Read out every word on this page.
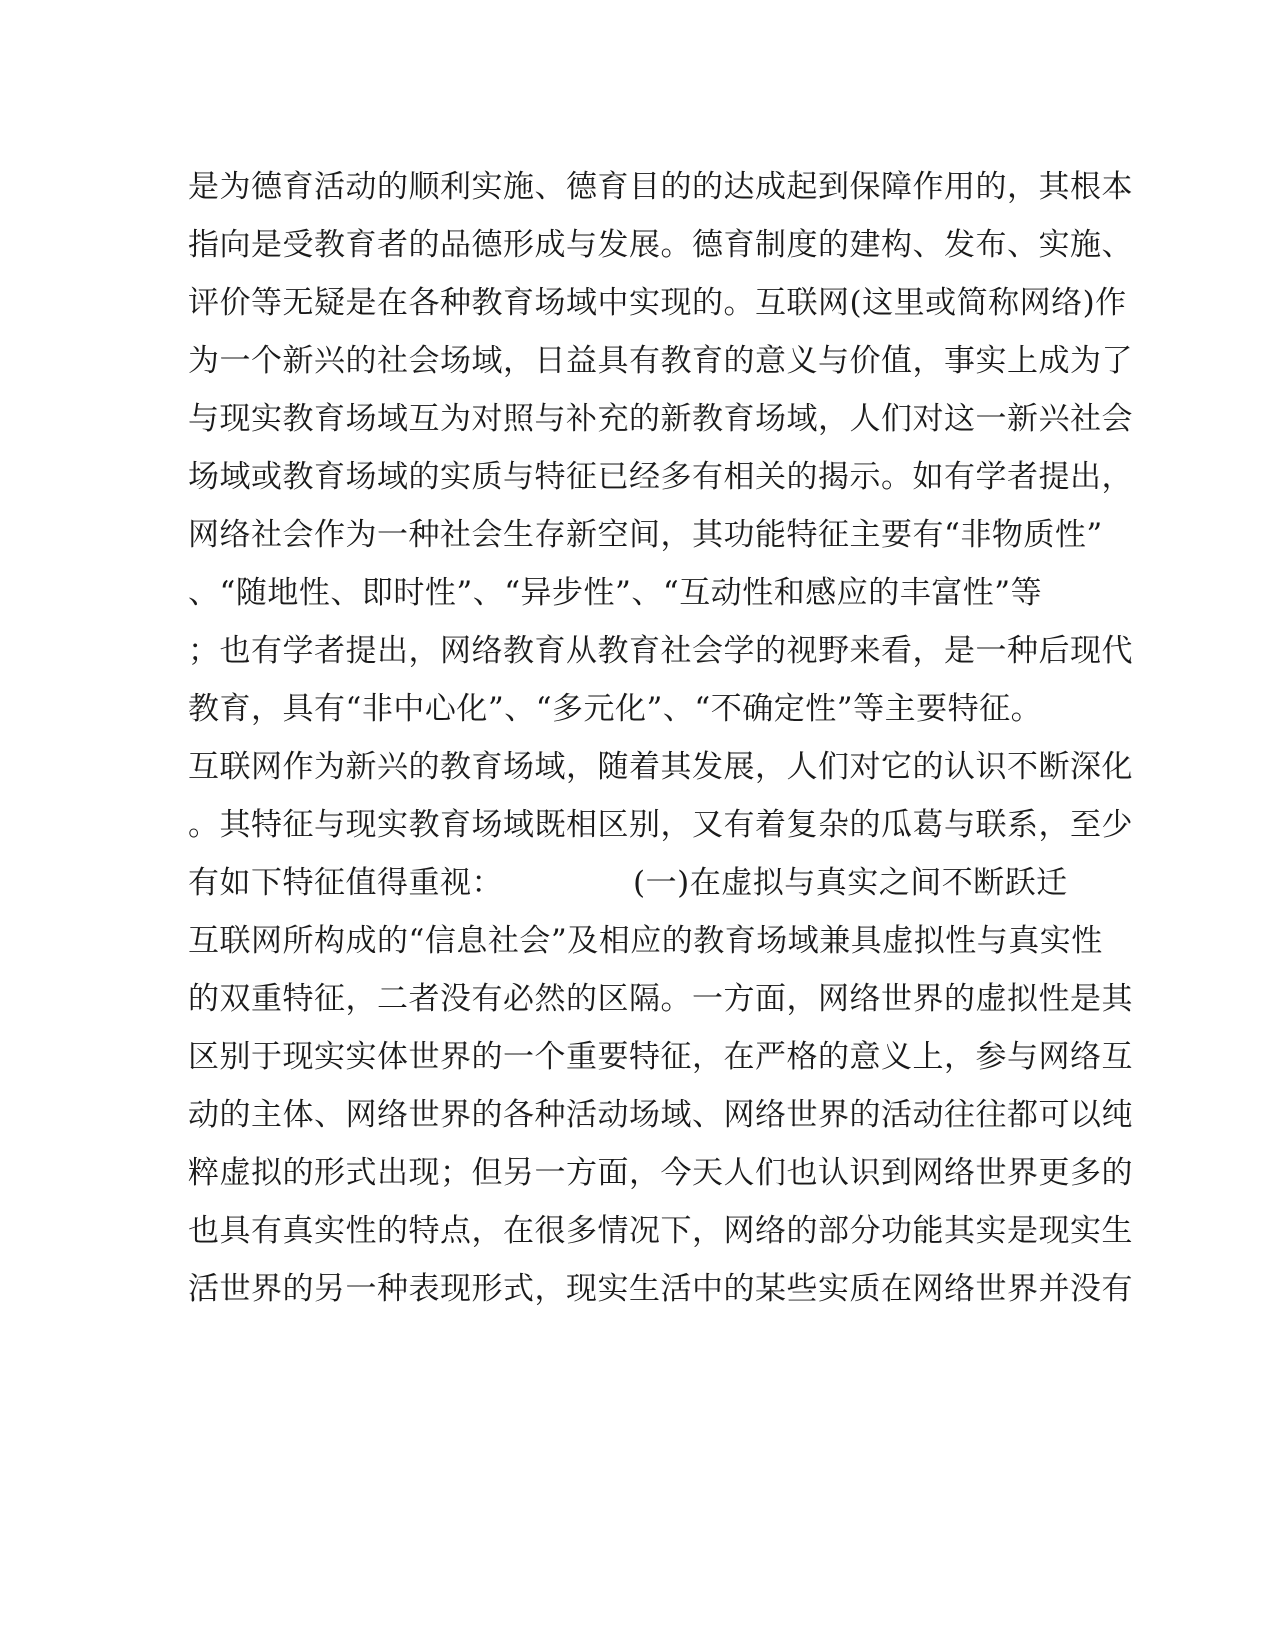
是为德育活动的顺利实施、德育目的的达成起到保障作用的，其根本
指向是受教育者的品德形成与发展。德育制度的建构、发布、实施、
评价等无疑是在各种教育场域中实现的。互联网(这里或简称网络)作
为一个新兴的社会场域，日益具有教育的意义与价值，事实上成为了
与现实教育场域互为对照与补充的新教育场域，人们对这一新兴社会
场域或教育场域的实质与特征已经多有相关的揭示。如有学者提出，
网络社会作为一种社会生存新空间，其功能特征主要有“非物质性”
、“随地性、即时性”、“异步性”、“互动性和感应的丰富性”等
；也有学者提出，网络教育从教育社会学的视野来看，是一种后现代
教育，具有“非中心化”、“多元化”、“不确定性”等主要特征。
互联网作为新兴的教育场域，随着其发展，人们对它的认识不断深化
。其特征与现实教育场域既相区别，又有着复杂的瓜葛与联系，至少
有如下特征值得重视：	(一)在虚拟与真实之间不断跃迁
互联网所构成的“信息社会”及相应的教育场域兼具虚拟性与真实性
的双重特征，二者没有必然的区隔。一方面，网络世界的虚拟性是其
区别于现实实体世界的一个重要特征，在严格的意义上，参与网络互
动的主体、网络世界的各种活动场域、网络世界的活动往往都可以纯
粹虚拟的形式出现；但另一方面，今天人们也认识到网络世界更多的
也具有真实性的特点，在很多情况下，网络的部分功能其实是现实生
活世界的另一种表现形式，现实生活中的某些实质在网络世界并没有
